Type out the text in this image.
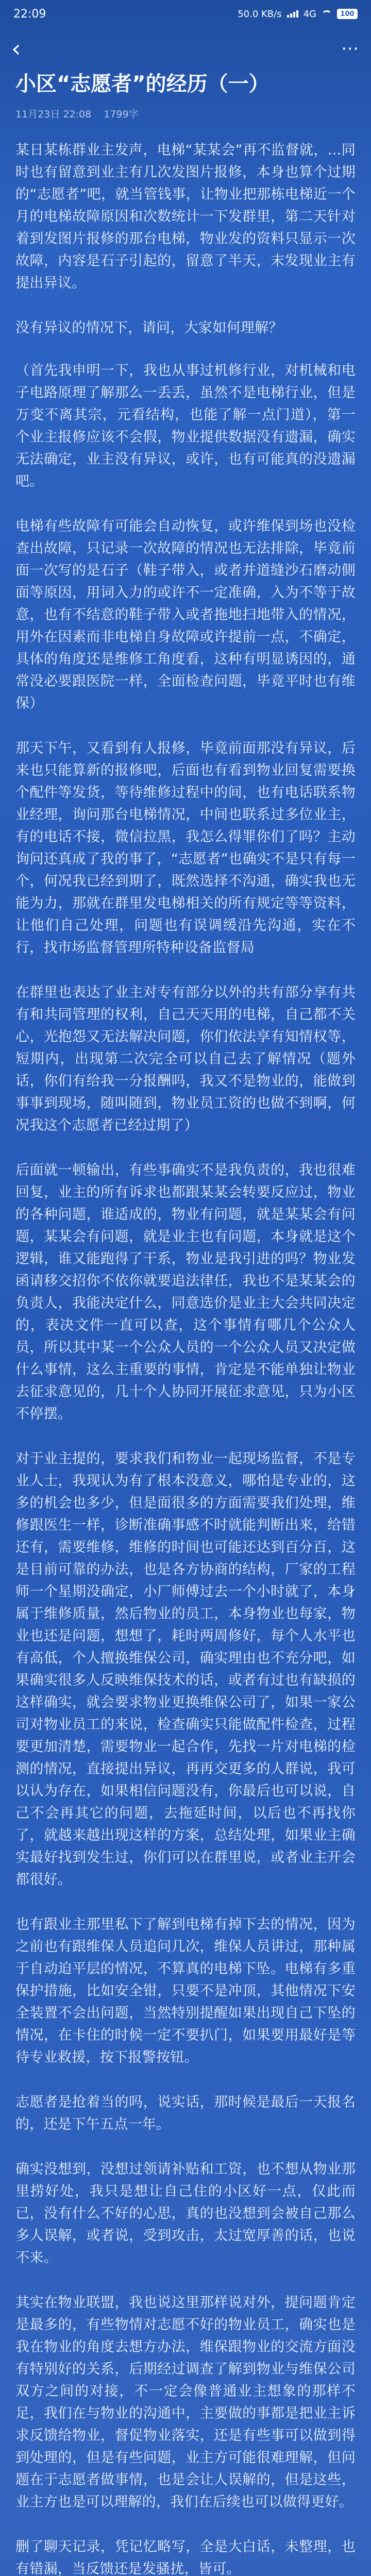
22:09	50.0 KB/s 4G	100
‹	⋯
小区“志愿者”的经历（一）
11月23日 22:08 1799字

某日某栋群业主发声，电梯“某某会”再不监督就，...同时也有留意到业主有几次发图片报修，本身也算个过期的“志愿者”吧，就当管钱事，让物业把那栋电梯近一个月的电梯故障原因和次数统计一下发群里，第二天针对着到发图片报修的那台电梯，物业发的资料只显示一次故障，内容是石子引起的，留意了半天，末发现业主有提出异议。

没有异议的情况下，请问，大家如何理解？

（首先我申明一下，我也从事过机修行业，对机械和电子电路原理了解那么一丢丢，虽然不是电梯行业，但是万变不离其宗，元看结构，也能了解一点门道），第一个业主报修应该不会假，物业提供数据没有遗漏，确实无法确定，业主没有异议，或许，也有可能真的没遗漏吧。

电梯有些故障有可能会自动恢复，或许维保到场也没检查出故障，只记录一次故障的情况也无法排除，毕竟前面一次写的是石子（鞋子带入，或者并道缝沙石磨动側面等原因，用词入力的或许不一定准确，入为不等于故意，也有不结意的鞋子带入或者拖地扫地带入的情况，用外在因素而非电梯自身故障或许提前一点，不确定，具体的角度还是维修工角度看，这种有明显诱因的，通常没必要跟医院一样，全面检查问题，毕竟平时也有维保）

那天下午，又看到有人报修，毕竟前面那没有异议，后来也只能算新的报修吧，后面也有看到物业回复需要换个配件等发货，等待维修过程中的间，也有电话联系物业经理，询问那台电梯情况，中间也联系过多位业主，有的电话不接，微信拉黑，我怎么得罪你们了吗？主动询问还真成了我的事了，“志愿者”也确实不是只有每一个，何况我已经到期了，既然选择不沟通，确实我也无能为力，那就在群里发电梯相关的所有规定等等资料，让他们自己处理，问题也有误调缓沿先沟通，实在不行，找市场监督管理所特种设备监督局

在群里也表达了业主对专有部分以外的共有部分享有共有和共同管理的权利，自己天天用的电梯，自己都不关心，光抱怨又无法解决问题，你们依法享有知情权等，短期内，出现第二次完全可以自己去了解情况（题外话，你们有给我一分报酬吗，我又不是物业的，能做到事事到现场，随叫随到，物业员工资的也做不到啊，何况我这个志愿者已经过期了）

后面就一顿输出，有些事确实不是我负责的，我也很难回复，业主的所有诉求也都跟某某会转要反应过，物业的各种问题，谁适成的，物业有问题，就是某某会有问题，某某会有问题，就是业主也有问题，本身就是这个逻辑，谁又能跑得了干系，物业是我引进的吗？物业发函请移交招你不依你就要追法律任，我也不是某某会的负责人，我能决定什么，同意选价是业主大会共同决定的，表决文件一直可以查，这个事情有哪几个公众人员，所以其中某一个公众人员的一个公众人员又决定做什么事情，这么主重要的事情，肯定是不能单独让物业去征求意见的，几十个人协同开展征求意见，只为小区不停摆。

对于业主提的，要求我们和物业一起现场监督，不是专业人士，我现认为有了根本没意义，哪怕是专业的，这多的机会也多少，但是面很多的方面需要我们处理，维修跟医生一样，诊断准确事感不时就能判断出来，给错还有，需要维修，维修的时间也可能还达到百分百，这是目前可靠的办法，也是各方协商的结构，厂家的工程师一个星期没确定，小厂师傅过去一个小时就了，本身属于维修质量，然后物业的员工，本身物业也每家，物业也还是问题，想想了，耗时两周修好，每个人水平也有高低，个人擅换维保公司，确实理由也不充分吧，如果确实很多人反映维保技术的话，或者有过也有缺损的这样确实，就会要求物业更换维保公司了，如果一家公司对物业员工的来说，检查确实只能做配件检查，过程要更加清楚，需要物业一起合作，先找一片对电梯的检测的情况，直接提出异议，再再交更多的人群说，我可以认为存在，如果相信问题没有，你最后也可以说，自己不会再其它的问题，去拖延时间，以后也不再找你了，就越来越出现这样的方案，总结处理，如果业主确实最好找到发生过，你们可以在群里说，或者业主开会都很好。

也有跟业主那里私下了解到电梯有掉下去的情况，因为之前也有跟维保人员追问几次，维保人员讲过，那种属于自动迫平层的情况，不算真的电梯下坠。电梯有多重保护措施，比如安全钳，只要不是冲顶，其他情况下安全装置不会出问题，当然特别提醒如果出现自己下坠的情况，在卡住的时候一定不要扒门，如果要用最好是等待专业救援，按下报警按钮。

志愿者是抢着当的吗，说实话，那时候是最后一天报名的，还是下午五点一年。

确实没想到，没想过领请补贴和工资，也不想从物业那里捞好处，我只是想让自己住的小区好一点，仅此而已，没有什么不好的心思，真的也没想到会被自己那么多人误解，或者说，受到攻击，太过宽厚善的话，也说不来。

其实在物业联盟，我也说这里那样说对外，提问题肯定是最多的，有些物情对志愿不好的物业员工，确实也是我在物业的角度去想方办法，维保跟物业的交流方面没有特别好的关系，后期经过调查了解到物业与维保公司双方之间的对接，不一定会像普通业主想象的那样不足，我们在与物业的沟通中，主要做的事都是把业主诉求反馈给物业，督促物业落实，还是有些事可以做到得到处理的，但是有些问题，业主方可能很难理解，但问题在于志愿者做事情，也是会让人误解的，但是这些，业主方也是可以理解的，我们在后续也可以做得更好。

删了聊天记录，凭记忆略写，全是大白话，未整理，也有错漏，当反馈还是发骚扰，皆可。
